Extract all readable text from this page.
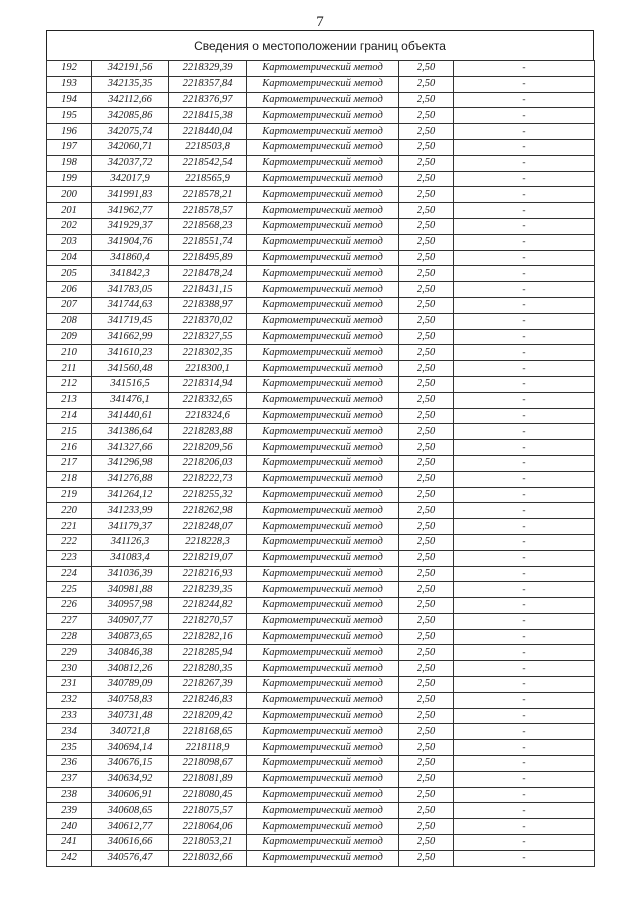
7
Сведения о местоположении границ объекта
192	342191,56	2218329,39	Картометрический метод	2,50	-
193	342135,35	2218357,84	Картометрический метод	2,50	-
194	342112,66	2218376,97	Картометрический метод	2,50	-
195	342085,86	2218415,38	Картометрический метод	2,50	-
196	342075,74	2218440,04	Картометрический метод	2,50	-
197	342060,71	2218503,8	Картометрический метод	2,50	-
198	342037,72	2218542,54	Картометрический метод	2,50	-
199	342017,9	2218565,9	Картометрический метод	2,50	-
200	341991,83	2218578,21	Картометрический метод	2,50	-
201	341962,77	2218578,57	Картометрический метод	2,50	-
202	341929,37	2218568,23	Картометрический метод	2,50	-
203	341904,76	2218551,74	Картометрический метод	2,50	-
204	341860,4	2218495,89	Картометрический метод	2,50	-
205	341842,3	2218478,24	Картометрический метод	2,50	-
206	341783,05	2218431,15	Картометрический метод	2,50	-
207	341744,63	2218388,97	Картометрический метод	2,50	-
208	341719,45	2218370,02	Картометрический метод	2,50	-
209	341662,99	2218327,55	Картометрический метод	2,50	-
210	341610,23	2218302,35	Картометрический метод	2,50	-
211	341560,48	2218300,1	Картометрический метод	2,50	-
212	341516,5	2218314,94	Картометрический метод	2,50	-
213	341476,1	2218332,65	Картометрический метод	2,50	-
214	341440,61	2218324,6	Картометрический метод	2,50	-
215	341386,64	2218283,88	Картометрический метод	2,50	-
216	341327,66	2218209,56	Картометрический метод	2,50	-
217	341296,98	2218206,03	Картометрический метод	2,50	-
218	341276,88	2218222,73	Картометрический метод	2,50	-
219	341264,12	2218255,32	Картометрический метод	2,50	-
220	341233,99	2218262,98	Картометрический метод	2,50	-
221	341179,37	2218248,07	Картометрический метод	2,50	-
222	341126,3	2218228,3	Картометрический метод	2,50	-
223	341083,4	2218219,07	Картометрический метод	2,50	-
224	341036,39	2218216,93	Картометрический метод	2,50	-
225	340981,88	2218239,35	Картометрический метод	2,50	-
226	340957,98	2218244,82	Картометрический метод	2,50	-
227	340907,77	2218270,57	Картометрический метод	2,50	-
228	340873,65	2218282,16	Картометрический метод	2,50	-
229	340846,38	2218285,94	Картометрический метод	2,50	-
230	340812,26	2218280,35	Картометрический метод	2,50	-
231	340789,09	2218267,39	Картометрический метод	2,50	-
232	340758,83	2218246,83	Картометрический метод	2,50	-
233	340731,48	2218209,42	Картометрический метод	2,50	-
234	340721,8	2218168,65	Картометрический метод	2,50	-
235	340694,14	2218118,9	Картометрический метод	2,50	-
236	340676,15	2218098,67	Картометрический метод	2,50	-
237	340634,92	2218081,89	Картометрический метод	2,50	-
238	340606,91	2218080,45	Картометрический метод	2,50	-
239	340608,65	2218075,57	Картометрический метод	2,50	-
240	340612,77	2218064,06	Картометрический метод	2,50	-
241	340616,66	2218053,21	Картометрический метод	2,50	-
242	340576,47	2218032,66	Картометрический метод	2,50	-
